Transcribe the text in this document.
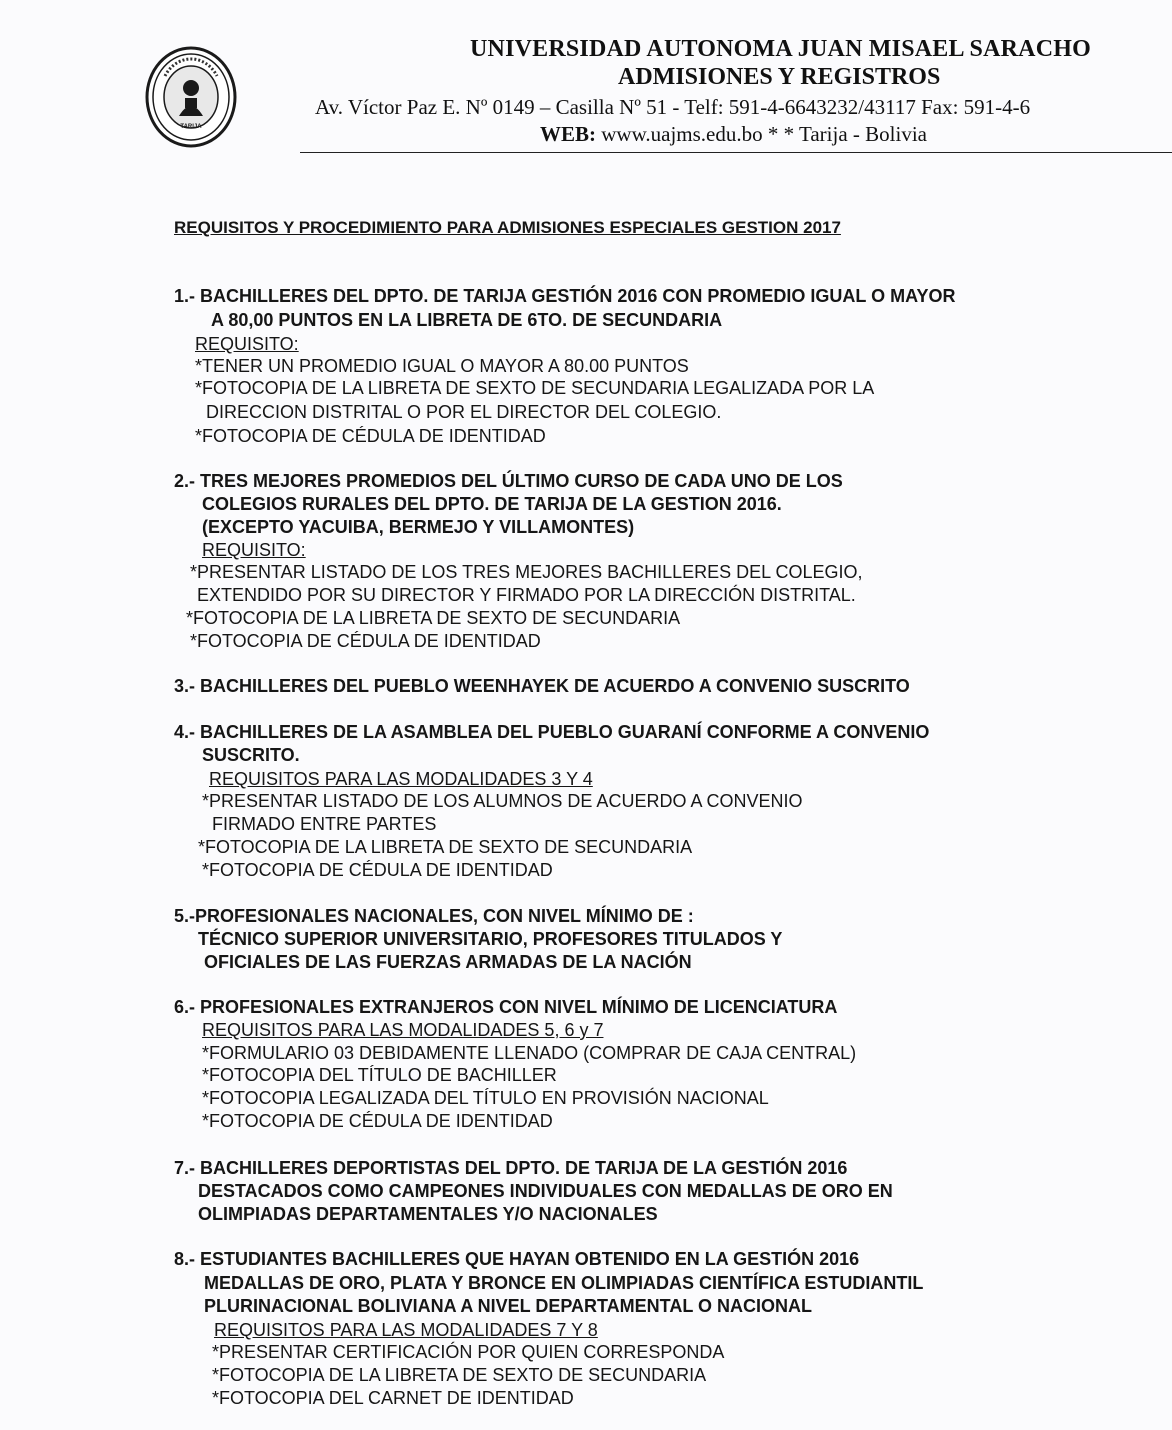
TARIJA
UNIVERSIDAD AUTONOMA JUAN MISAEL SARACHO
ADMISIONES Y REGISTROS
Av. Víctor Paz E. Nº 0149 – Casilla Nº 51 - Telf: 591-4-6643232/43117 Fax: 591-4-6
WEB: www.uajms.edu.bo * * Tarija - Bolivia
REQUISITOS Y PROCEDIMIENTO PARA ADMISIONES ESPECIALES GESTION 2017
1.- BACHILLERES DEL DPTO. DE TARIJA GESTIÓN 2016 CON PROMEDIO IGUAL O MAYOR
A 80,00 PUNTOS EN LA LIBRETA DE 6TO. DE SECUNDARIA
REQUISITO:
*TENER UN PROMEDIO IGUAL O MAYOR A 80.00 PUNTOS
*FOTOCOPIA DE LA LIBRETA DE SEXTO DE SECUNDARIA LEGALIZADA POR LA
DIRECCION DISTRITAL O POR EL DIRECTOR DEL COLEGIO.
*FOTOCOPIA DE CÉDULA DE IDENTIDAD
2.- TRES MEJORES PROMEDIOS DEL ÚLTIMO CURSO DE CADA UNO DE LOS
COLEGIOS RURALES DEL DPTO. DE TARIJA DE LA GESTION 2016.
(EXCEPTO YACUIBA, BERMEJO Y VILLAMONTES)
REQUISITO:
*PRESENTAR LISTADO DE LOS TRES MEJORES BACHILLERES DEL COLEGIO,
EXTENDIDO POR SU DIRECTOR Y FIRMADO POR LA DIRECCIÓN DISTRITAL.
*FOTOCOPIA DE LA LIBRETA DE SEXTO DE SECUNDARIA
*FOTOCOPIA DE CÉDULA DE IDENTIDAD
3.- BACHILLERES DEL PUEBLO WEENHAYEK DE ACUERDO A CONVENIO SUSCRITO
4.- BACHILLERES DE LA ASAMBLEA DEL PUEBLO GUARANÍ CONFORME A CONVENIO
SUSCRITO.
REQUISITOS PARA LAS MODALIDADES 3 Y 4
*PRESENTAR LISTADO DE LOS ALUMNOS DE ACUERDO A CONVENIO
FIRMADO ENTRE PARTES
*FOTOCOPIA DE LA LIBRETA DE SEXTO DE SECUNDARIA
*FOTOCOPIA DE CÉDULA DE IDENTIDAD
5.-PROFESIONALES NACIONALES, CON NIVEL MÍNIMO DE :
TÉCNICO SUPERIOR UNIVERSITARIO, PROFESORES TITULADOS Y
OFICIALES DE LAS FUERZAS ARMADAS DE LA NACIÓN
6.- PROFESIONALES EXTRANJEROS CON NIVEL MÍNIMO DE LICENCIATURA
REQUISITOS PARA LAS MODALIDADES 5, 6 y 7
*FORMULARIO 03 DEBIDAMENTE LLENADO (COMPRAR DE CAJA CENTRAL)
*FOTOCOPIA DEL TÍTULO DE BACHILLER
*FOTOCOPIA LEGALIZADA DEL TÍTULO EN PROVISIÓN NACIONAL
*FOTOCOPIA DE CÉDULA DE IDENTIDAD
7.- BACHILLERES DEPORTISTAS DEL DPTO. DE TARIJA DE LA GESTIÓN 2016
DESTACADOS COMO CAMPEONES INDIVIDUALES CON MEDALLAS DE ORO EN
OLIMPIADAS DEPARTAMENTALES Y/O NACIONALES
8.- ESTUDIANTES BACHILLERES QUE HAYAN OBTENIDO EN LA GESTIÓN 2016
MEDALLAS DE ORO, PLATA Y BRONCE EN OLIMPIADAS CIENTÍFICA ESTUDIANTIL
PLURINACIONAL BOLIVIANA A NIVEL DEPARTAMENTAL O NACIONAL
REQUISITOS PARA LAS MODALIDADES 7 Y 8
*PRESENTAR CERTIFICACIÓN POR QUIEN CORRESPONDA
*FOTOCOPIA DE LA LIBRETA DE SEXTO DE SECUNDARIA
*FOTOCOPIA DEL CARNET DE IDENTIDAD
